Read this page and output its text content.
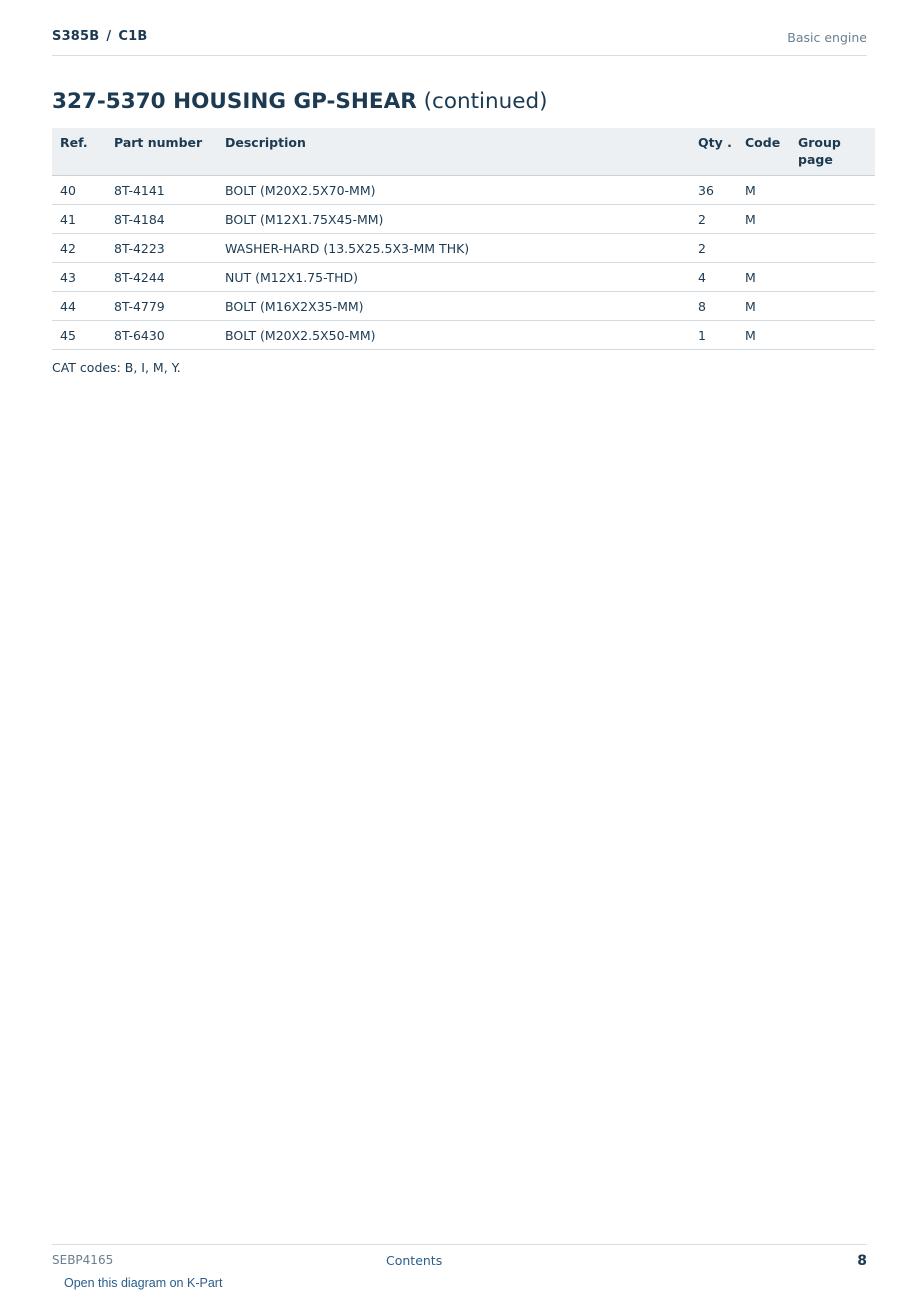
S385B / C1B	Basic engine
327-5370 HOUSING GP-SHEAR (continued)
Ref.	Part number	Description	Qty .	Code	Group page
40	8T-4141	BOLT (M20X2.5X70-MM)	36	M	
41	8T-4184	BOLT (M12X1.75X45-MM)	2	M	
42	8T-4223	WASHER-HARD (13.5X25.5X3-MM THK)	2		
43	8T-4244	NUT (M12X1.75-THD)	4	M	
44	8T-4779	BOLT (M16X2X35-MM)	8	M	
45	8T-6430	BOLT (M20X2.5X50-MM)	1	M	
CAT codes: B, I, M, Y.
SEBP4165	Contents	8
Open this diagram on K-Part
